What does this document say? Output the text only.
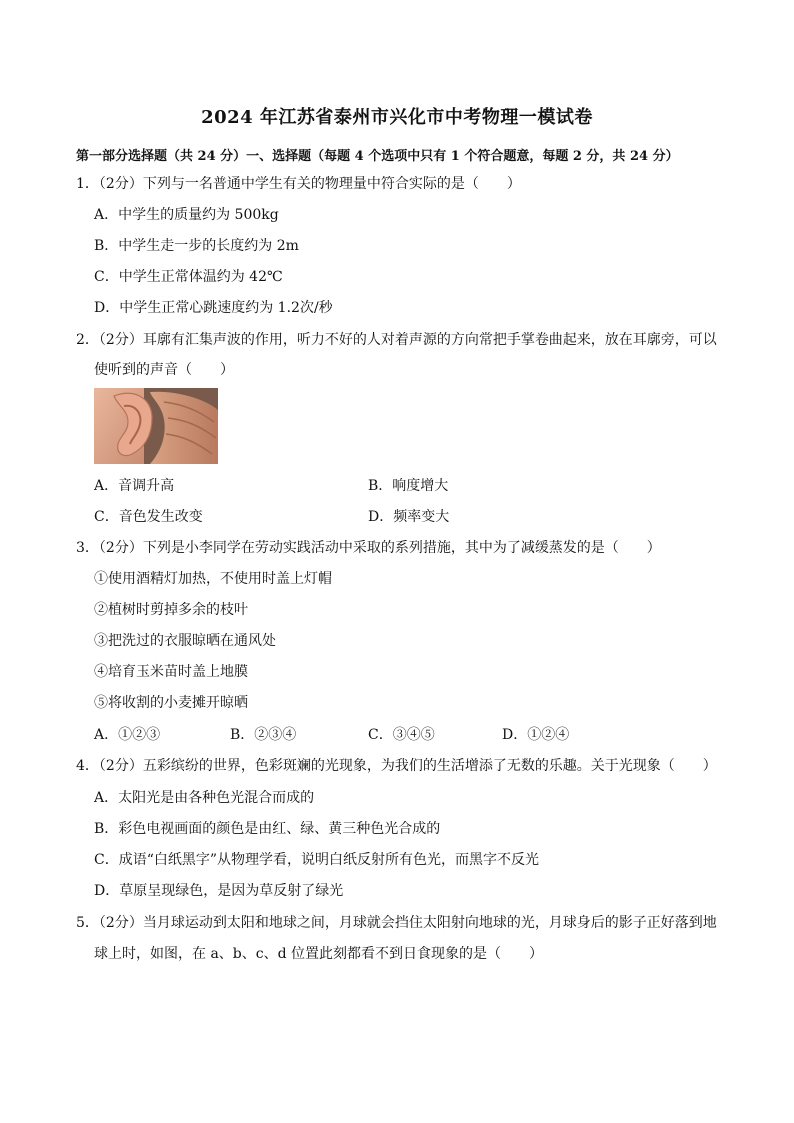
2024 年江苏省泰州市兴化市中考物理一模试卷
第一部分选择题（共 24 分）一、选择题（每题 4 个选项中只有 1 个符合题意，每题 2 分，共 24 分）
1．（2分）下列与一名普通中学生有关的物理量中符合实际的是（　　）
A．中学生的质量约为 500kg
B．中学生走一步的长度约为 2m
C．中学生正常体温约为 42℃
D．中学生正常心跳速度约为 1.2次/秒
2．（2分）耳廓有汇集声波的作用，听力不好的人对着声源的方向常把手掌卷曲起来，放在耳廓旁，可以
使听到的声音（　　）
A．音调升高	B．响度增大
C．音色发生改变	D．频率变大
3．（2分）下列是小李同学在劳动实践活动中采取的系列措施，其中为了减缓蒸发的是（　　）
①使用酒精灯加热，不使用时盖上灯帽
②植树时剪掉多余的枝叶
③把洗过的衣服晾晒在通风处
④培育玉米苗时盖上地膜
⑤将收割的小麦摊开晾晒
A．①②③	B．②③④	C．③④⑤	D．①②④
4．（2分）五彩缤纷的世界，色彩斑斓的光现象，为我们的生活增添了无数的乐趣。关于光现象（　　）
A．太阳光是由各种色光混合而成的
B．彩色电视画面的颜色是由红、绿、黄三种色光合成的
C．成语“白纸黑字”从物理学看，说明白纸反射所有色光，而黑字不反光
D．草原呈现绿色，是因为草反射了绿光
5．（2分）当月球运动到太阳和地球之间，月球就会挡住太阳射向地球的光，月球身后的影子正好落到地
球上时，如图，在 a、b、c、d 位置此刻都看不到日食现象的是（　　）
